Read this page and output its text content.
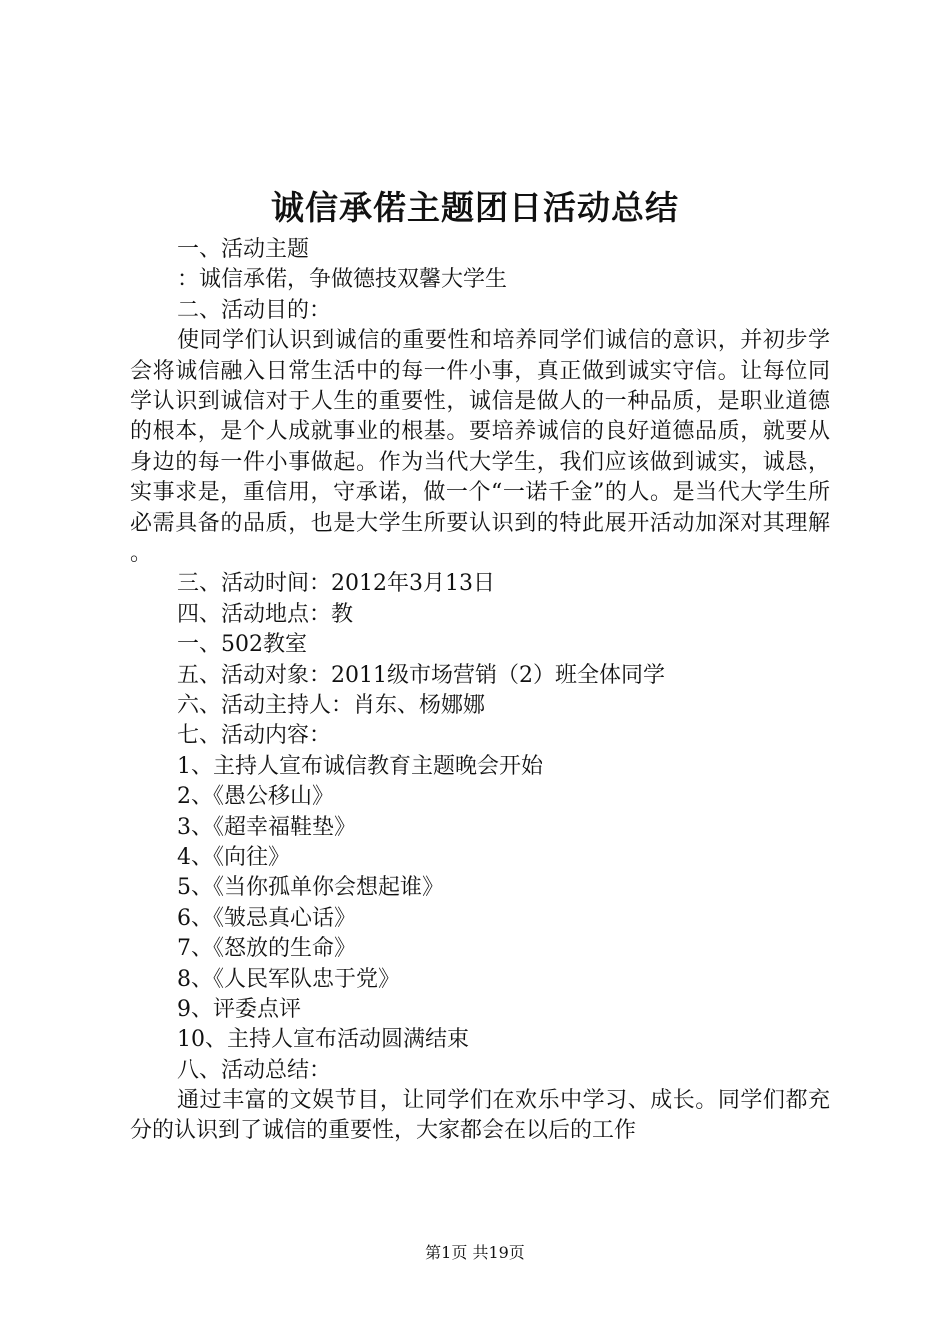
诚信承偌主题团日活动总结
一、活动主题
：诚信承偌，争做德技双馨大学生
二、活动目的：
使同学们认识到诚信的重要性和培养同学们诚信的意识，并初步学会将诚信融入日常生活中的每一件小事，真正做到诚实守信。让每位同学认识到诚信对于人生的重要性，诚信是做人的一种品质，是职业道德的根本，是个人成就事业的根基。要培养诚信的良好道德品质，就要从身边的每一件小事做起。作为当代大学生，我们应该做到诚实，诚恳，实事求是，重信用，守承诺，做一个“一诺千金”的人。是当代大学生所必需具备的品质，也是大学生所要认识到的特此展开活动加深对其理解。
三、活动时间：2012年3月13日
四、活动地点：教
一、502教室
五、活动对象：2011级市场营销（2）班全体同学
六、活动主持人：肖东、杨娜娜
七、活动内容：
1、主持人宣布诚信教育主题晚会开始
2、《愚公移山》
3、《超幸福鞋垫》
4、《向往》
5、《当你孤单你会想起谁》
6、《皱忌真心话》
7、《怒放的生命》
8、《人民军队忠于党》
9、评委点评
10、主持人宣布活动圆满结束
八、活动总结：
通过丰富的文娱节目，让同学们在欢乐中学习、成长。同学们都充分的认识到了诚信的重要性，大家都会在以后的工作
第1页 共19页
